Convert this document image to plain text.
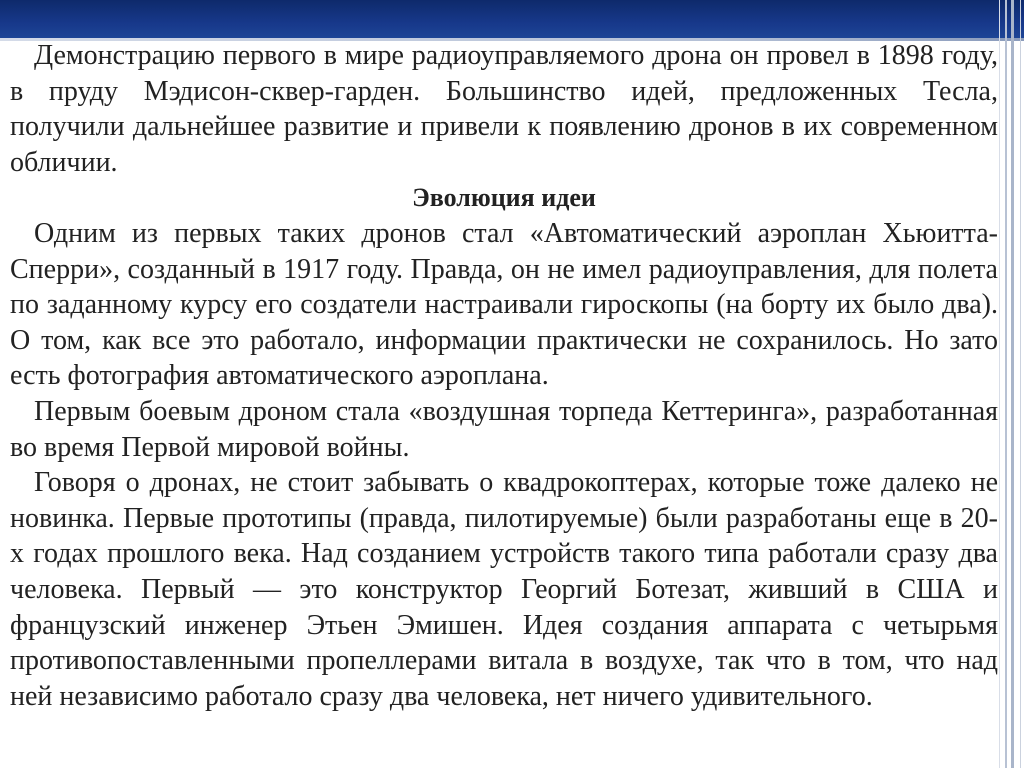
Демонстрацию первого в мире радиоуправляемого дрона он провел в 1898 году, в пруду Мэдисон-сквер-гарден. Большинство идей, предложенных Тесла, получили дальнейшее развитие и привели к появлению дронов в их современном обличии.

Эволюция идеи

Одним из первых таких дронов стал «Автоматический аэроплан Хьюитта-Сперри», созданный в 1917 году. Правда, он не имел радиоуправления, для полета по заданному курсу его создатели настраивали гироскопы (на борту их было два). О том, как все это работало, информации практически не сохранилось. Но зато есть фотография автоматического аэроплана.

Первым боевым дроном стала «воздушная торпеда Кеттеринга», разработанная во время Первой мировой войны.

Говоря о дронах, не стоит забывать о квадрокоптерах, которые тоже далеко не новинка. Первые прототипы (правда, пилотируемые) были разработаны еще в 20-х годах прошлого века. Над созданием устройств такого типа работали сразу два человека. Первый — это конструктор Георгий Ботезат, живший в США и французский инженер Этьен Эмишен. Идея создания аппарата с четырьмя противопоставленными пропеллерами витала в воздухе, так что в том, что над ней независимо работало сразу два человека, нет ничего удивительного.
